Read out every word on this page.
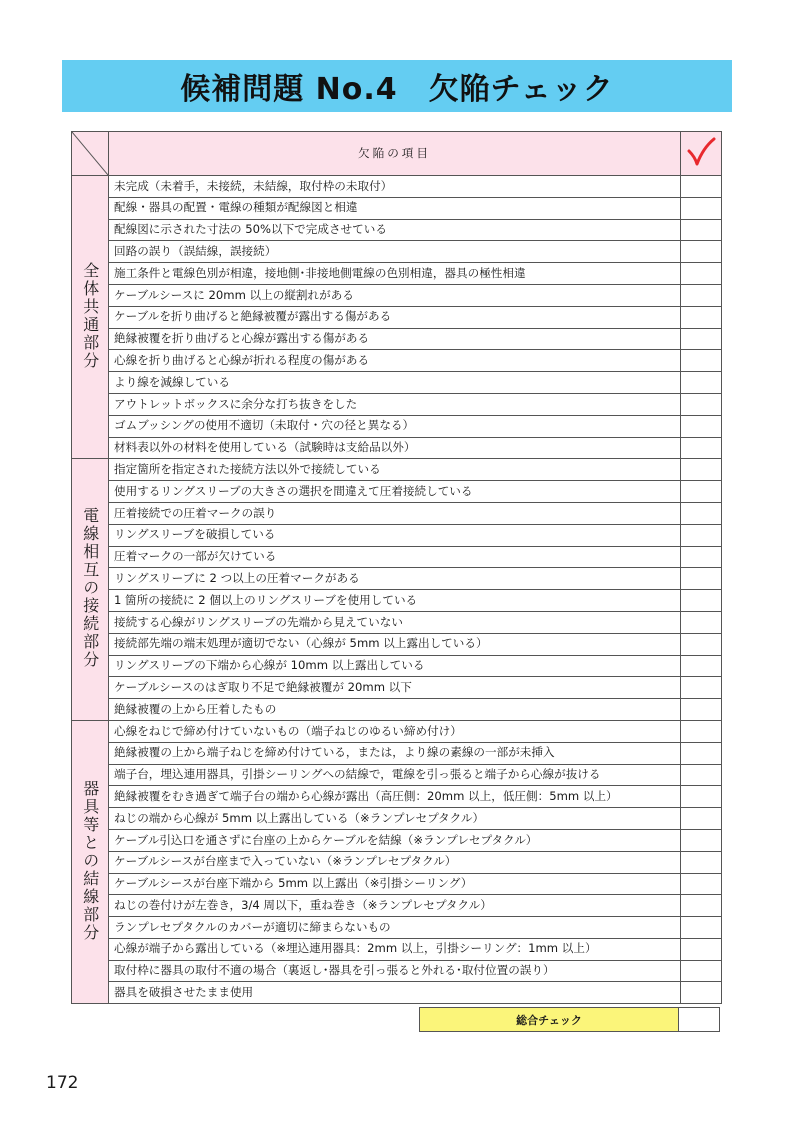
候補問題 No.4　欠陥チェック
	欠陥の項目	
全体共通部分	未完成（未着手，未接続，未結線，取付枠の未取付）	
	配線・器具の配置・電線の種類が配線図と相違	
	配線図に示された寸法の 50%以下で完成させている	
	回路の誤り（誤結線，誤接続）	
	施工条件と電線色別が相違，接地側･非接地側電線の色別相違，器具の極性相違	
	ケーブルシースに 20mm 以上の縦割れがある	
	ケーブルを折り曲げると絶縁被覆が露出する傷がある	
	絶縁被覆を折り曲げると心線が露出する傷がある	
	心線を折り曲げると心線が折れる程度の傷がある	
	より線を減線している	
	アウトレットボックスに余分な打ち抜きをした	
	ゴムブッシングの使用不適切（未取付・穴の径と異なる）	
	材料表以外の材料を使用している（試験時は支給品以外）	
電線相互の接続部分	指定箇所を指定された接続方法以外で接続している	
	使用するリングスリーブの大きさの選択を間違えて圧着接続している	
	圧着接続での圧着マークの誤り	
	リングスリーブを破損している	
	圧着マークの一部が欠けている	
	リングスリーブに 2 つ以上の圧着マークがある	
	1 箇所の接続に 2 個以上のリングスリーブを使用している	
	接続する心線がリングスリーブの先端から見えていない	
	接続部先端の端末処理が適切でない（心線が 5mm 以上露出している）	
	リングスリーブの下端から心線が 10mm 以上露出している	
	ケーブルシースのはぎ取り不足で絶縁被覆が 20mm 以下	
	絶縁被覆の上から圧着したもの	
器具等との結線部分	心線をねじで締め付けていないもの（端子ねじのゆるい締め付け）	
	絶縁被覆の上から端子ねじを締め付けている，または，より線の素線の一部が未挿入	
	端子台，埋込連用器具，引掛シーリングへの結線で，電線を引っ張ると端子から心線が抜ける	
	絶縁被覆をむき過ぎて端子台の端から心線が露出（高圧側：20mm 以上，低圧側：5mm 以上）	
	ねじの端から心線が 5mm 以上露出している（※ランプレセプタクル）	
	ケーブル引込口を通さずに台座の上からケーブルを結線（※ランプレセプタクル）	
	ケーブルシースが台座まで入っていない（※ランプレセプタクル）	
	ケーブルシースが台座下端から 5mm 以上露出（※引掛シーリング）	
	ねじの巻付けが左巻き，3/4 周以下，重ね巻き（※ランプレセプタクル）	
	ランプレセプタクルのカバーが適切に締まらないもの	
	心線が端子から露出している（※埋込連用器具：2mm 以上，引掛シーリング：1mm 以上）	
	取付枠に器具の取付不適の場合（裏返し･器具を引っ張ると外れる･取付位置の誤り）	
	器具を破損させたまま使用	
総合チェック
172
